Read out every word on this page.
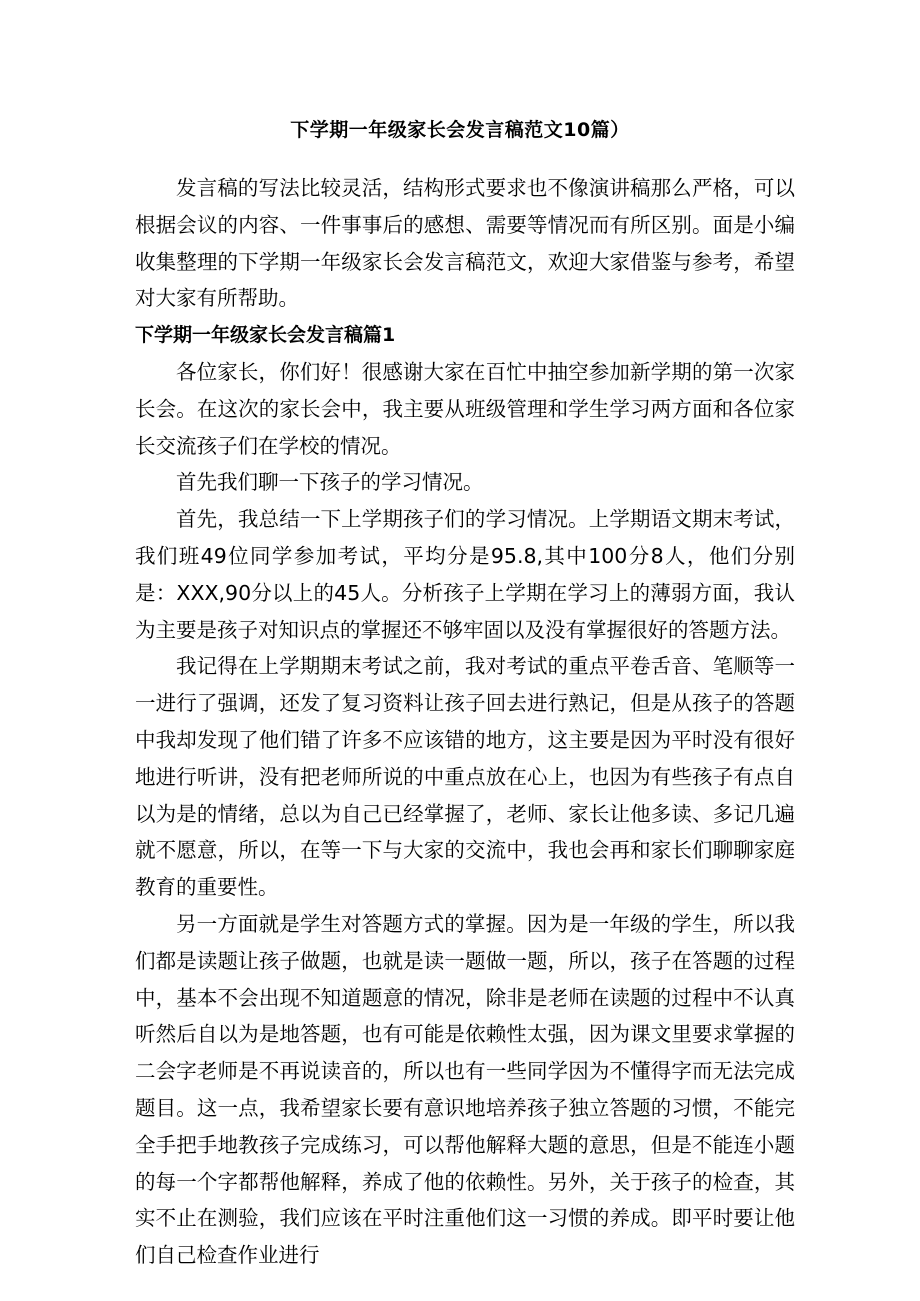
下学期一年级家长会发言稿范文10篇）

发言稿的写法比较灵活，结构形式要求也不像演讲稿那么严格，可以根据会议的内容、一件事事后的感想、需要等情况而有所区别。面是小编收集整理的下学期一年级家长会发言稿范文，欢迎大家借鉴与参考，希望对大家有所帮助。

下学期一年级家长会发言稿篇1

各位家长，你们好！很感谢大家在百忙中抽空参加新学期的第一次家长会。在这次的家长会中，我主要从班级管理和学生学习两方面和各位家长交流孩子们在学校的情况。

首先我们聊一下孩子的学习情况。

首先，我总结一下上学期孩子们的学习情况。上学期语文期末考试，我们班49位同学参加考试，平均分是95.8,其中100分8人，他们分别是：XXX,90分以上的45人。分析孩子上学期在学习上的薄弱方面，我认为主要是孩子对知识点的掌握还不够牢固以及没有掌握很好的答题方法。

我记得在上学期期末考试之前，我对考试的重点平卷舌音、笔顺等一一进行了强调，还发了复习资料让孩子回去进行熟记，但是从孩子的答题中我却发现了他们错了许多不应该错的地方，这主要是因为平时没有很好地进行听讲，没有把老师所说的中重点放在心上，也因为有些孩子有点自以为是的情绪，总以为自己已经掌握了，老师、家长让他多读、多记几遍就不愿意，所以，在等一下与大家的交流中，我也会再和家长们聊聊家庭教育的重要性。

另一方面就是学生对答题方式的掌握。因为是一年级的学生，所以我们都是读题让孩子做题，也就是读一题做一题，所以，孩子在答题的过程中，基本不会出现不知道题意的情况，除非是老师在读题的过程中不认真听然后自以为是地答题，也有可能是依赖性太强，因为课文里要求掌握的二会字老师是不再说读音的，所以也有一些同学因为不懂得字而无法完成题目。这一点，我希望家长要有意识地培养孩子独立答题的习惯，不能完全手把手地教孩子完成练习，可以帮他解释大题的意思，但是不能连小题的每一个字都帮他解释，养成了他的依赖性。另外，关于孩子的检查，其实不止在测验，我们应该在平时注重他们这一习惯的养成。即平时要让他们自己检查作业进行
